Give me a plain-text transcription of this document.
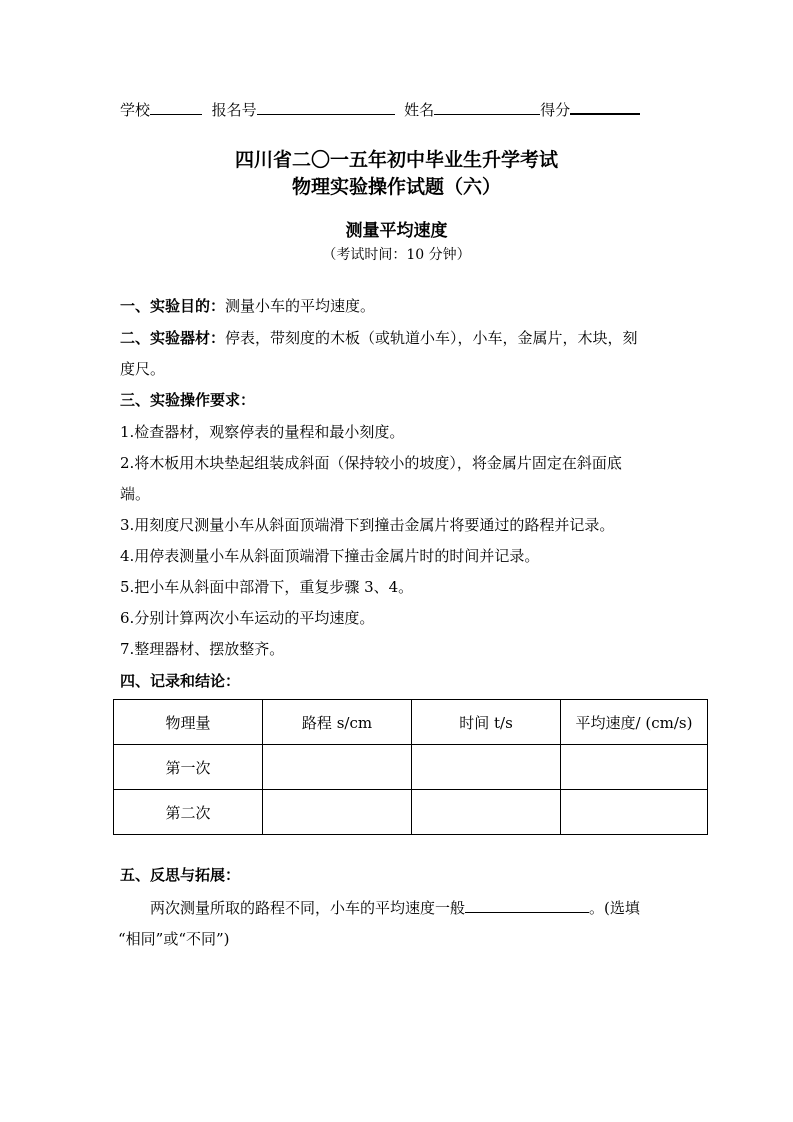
学校	报名号	姓名	得分
四川省二〇一五年初中毕业生升学考试
物理实验操作试题（六）
测量平均速度
（考试时间：10 分钟）
一、实验目的：测量小车的平均速度。
二、实验器材：停表，带刻度的木板（或轨道小车），小车，金属片，木块，刻
度尺。
三、实验操作要求：
1.检查器材，观察停表的量程和最小刻度。
2.将木板用木块垫起组装成斜面（保持较小的坡度），将金属片固定在斜面底
端。
3.用刻度尺测量小车从斜面顶端滑下到撞击金属片将要通过的路程并记录。
4.用停表测量小车从斜面顶端滑下撞击金属片时的时间并记录。
5.把小车从斜面中部滑下，重复步骤 3、4。
6.分别计算两次小车运动的平均速度。
7.整理器材、摆放整齐。
四、记录和结论：
物理量	路程 s/cm	时间 t/s	平均速度/ (cm/s)
第一次			
第二次			
五、反思与拓展：
两次测量所取的路程不同，小车的平均速度一般	。(选填
“相同”或“不同”)
